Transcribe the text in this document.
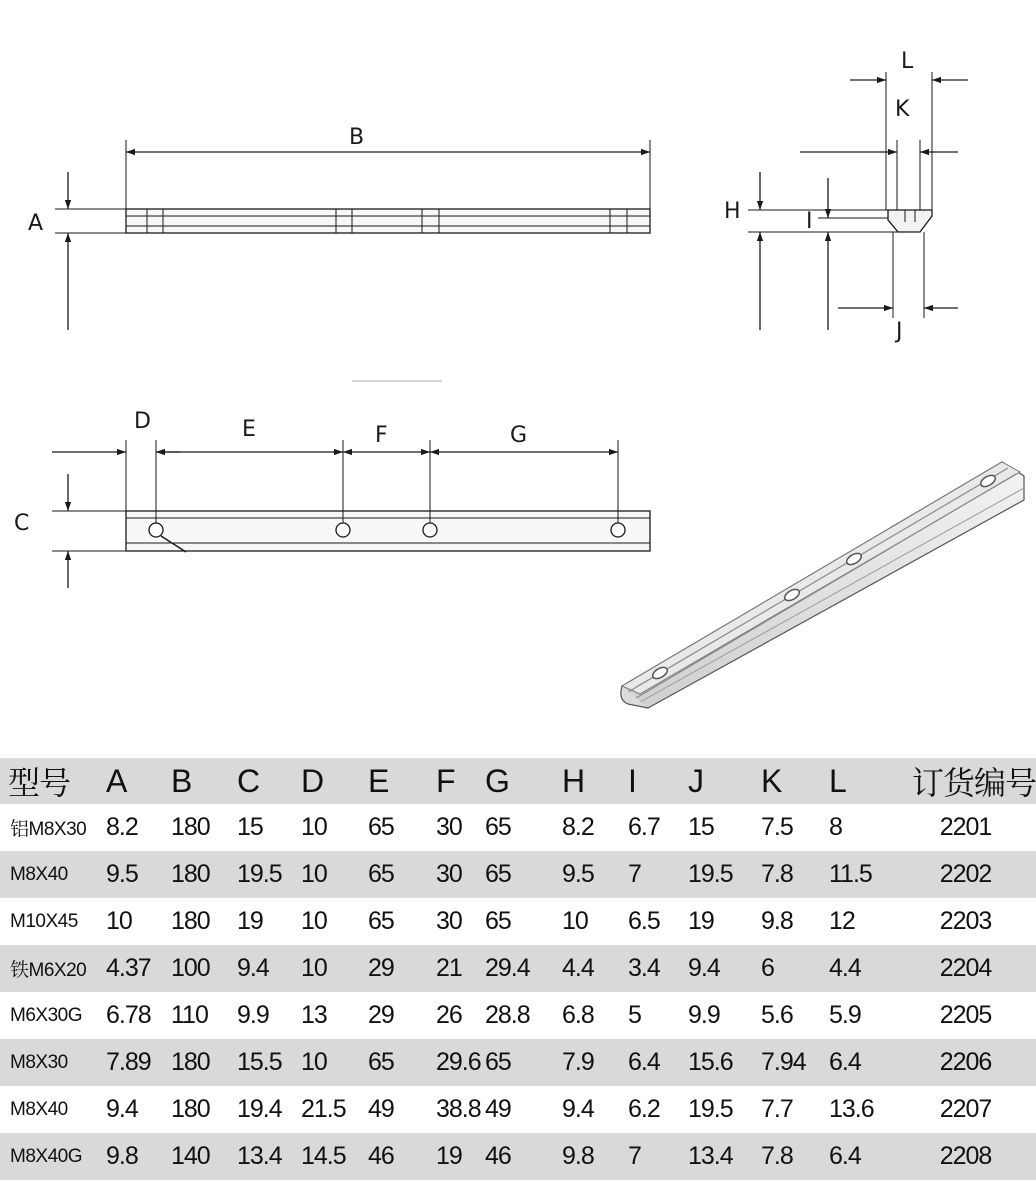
B
A
L
K
H	I
J
D	E	F	G
C
型号	A	B	C	D	E	F	G	H	I	J	K	L	订货编号
铝M8X30	8.2	180	15	10	65	30	65	8.2	6.7	15	7.5	8	2201
M8X40	9.5	180	19.5	10	65	30	65	9.5	7	19.5	7.8	11.5	2202
M10X45	10	180	19	10	65	30	65	10	6.5	19	9.8	12	2203
铁M6X20	4.37	100	9.4	10	29	21	29.4	4.4	3.4	9.4	6	4.4	2204
M6X30G	6.78	110	9.9	13	29	26	28.8	6.8	5	9.9	5.6	5.9	2205
M8X30	7.89	180	15.5	10	65	29.6	65	7.9	6.4	15.6	7.94	6.4	2206
M8X40	9.4	180	19.4	21.5	49	38.8	49	9.4	6.2	19.5	7.7	13.6	2207
M8X40G	9.8	140	13.4	14.5	46	19	46	9.8	7	13.4	7.8	6.4	2208
